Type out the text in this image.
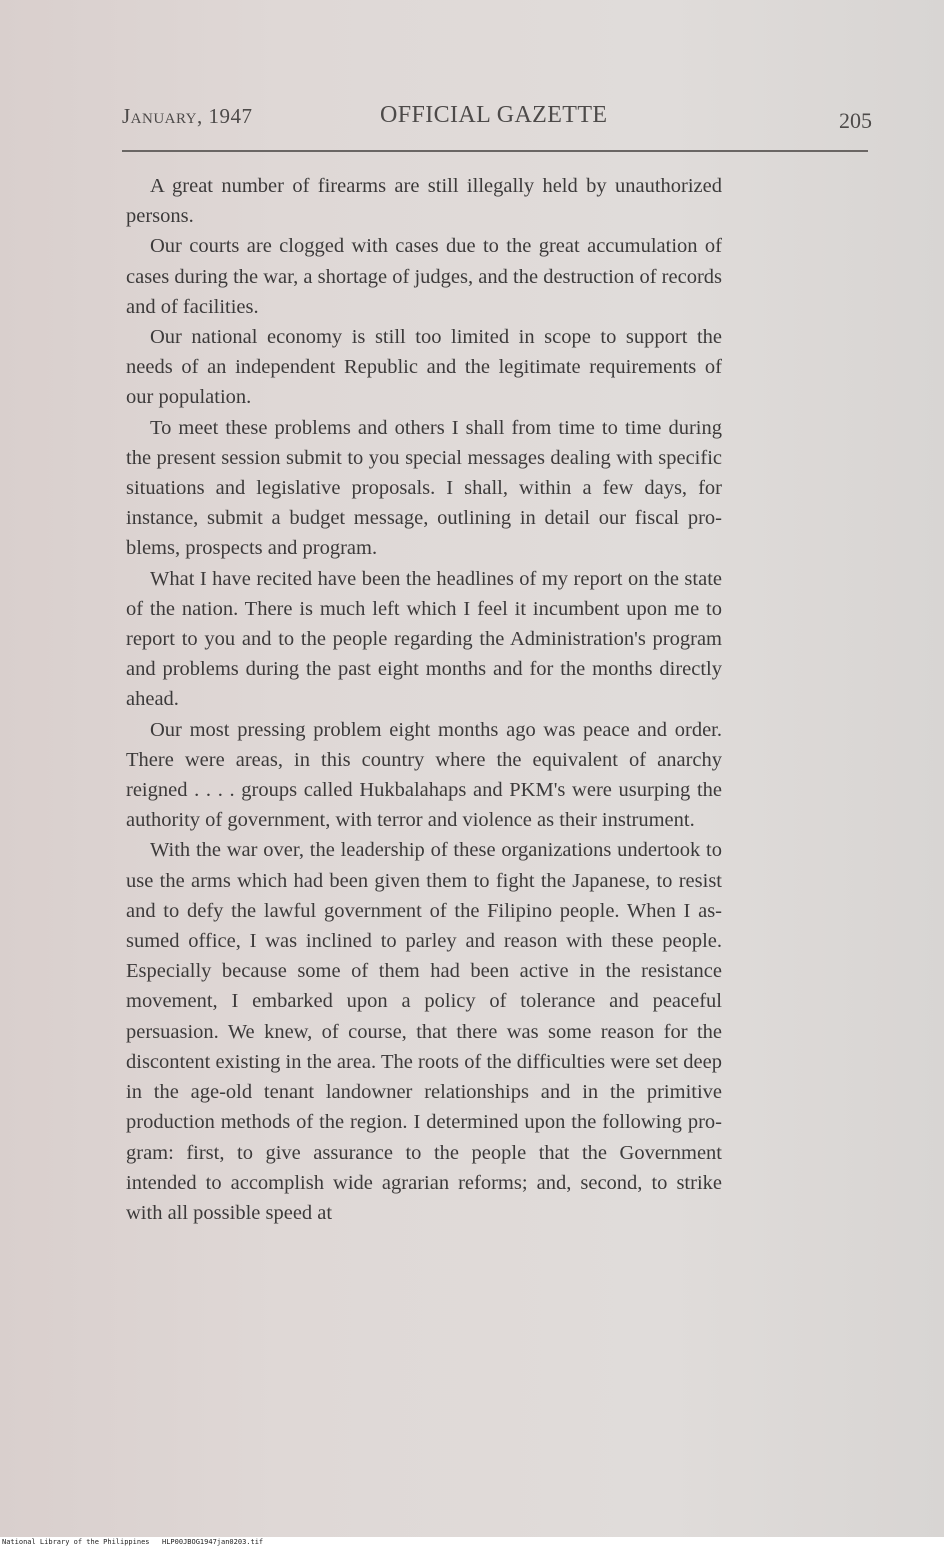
January, 1947	OFFICIAL GAZETTE	205

A great number of firearms are still illegally held by unauthorized persons.

Our courts are clogged with cases due to the great accumulation of cases during the war, a shortage of judges, and the destruction of records and of facilities.

Our national economy is still too limited in scope to support the needs of an independent Republic and the legitimate requirements of our population.

To meet these problems and others I shall from time to time during the present session submit to you special messages dealing with specific situations and legislative proposals. I shall, within a few days, for instance, submit a budget message, outlining in detail our fiscal problems, prospects and program.

What I have recited have been the headlines of my report on the state of the nation. There is much left which I feel it incumbent upon me to report to you and to the people regarding the Administration's program and problems during the past eight months and for the months directly ahead.

Our most pressing problem eight months ago was peace and order. There were areas, in this country where the equivalent of anarchy reigned . . . . groups called Hukbalahaps and PKM's were usurping the authority of government, with terror and violence as their instrument.

With the war over, the leadership of these organizations undertook to use the arms which had been given them to fight the Japanese, to resist and to defy the lawful government of the Filipino people. When I assumed office, I was inclined to parley and reason with these people. Especially because some of them had been active in the resistance movement, I embarked upon a policy of tolerance and peaceful persuasion. We knew, of course, that there was some reason for the discontent existing in the area. The roots of the difficulties were set deep in the age-old tenant landowner relationships and in the primitive production methods of the region. I determined upon the following program: first, to give assurance to the people that the Government intended to accomplish wide agrarian reforms; and, second, to strike with all possible speed at

National Library of the Philippines HLP00JBOG1947jan0203.tif
